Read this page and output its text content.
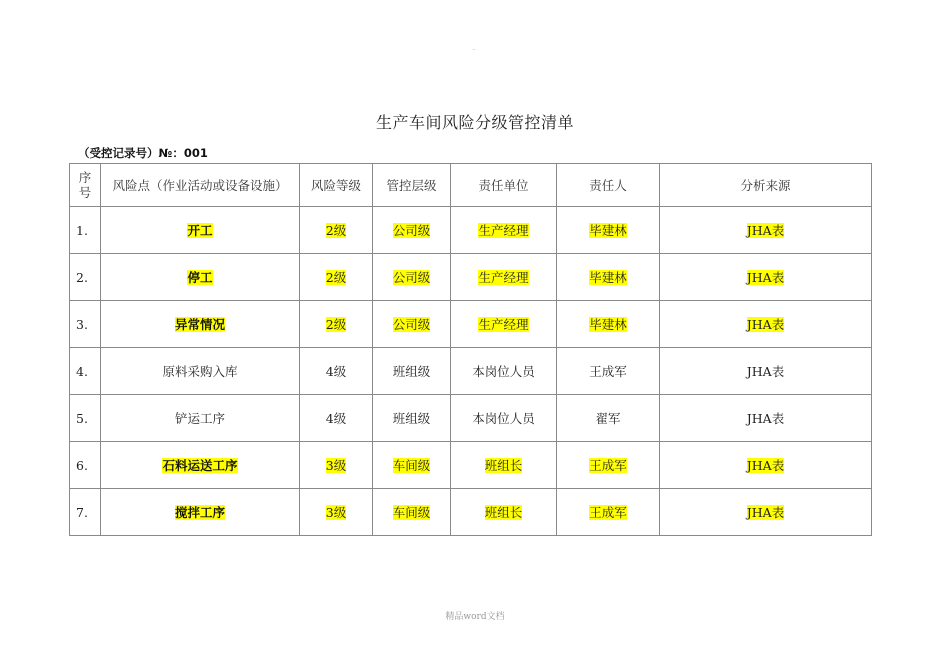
.
生产车间风险分级管控清单
（受控记录号）№：001
序号	风险点（作业活动或设备设施）	风险等级	管控层级	责任单位	责任人	分析来源
1.	开工	2级	公司级	生产经理	毕建林	JHA表
2.	停工	2级	公司级	生产经理	毕建林	JHA表
3.	异常情况	2级	公司级	生产经理	毕建林	JHA表
4.	原料采购入库	4级	班组级	本岗位人员	王成军	JHA表
5.	铲运工序	4级	班组级	本岗位人员	翟军	JHA表
6.	石料运送工序	3级	车间级	班组长	王成军	JHA表
7.	搅拌工序	3级	车间级	班组长	王成军	JHA表
精品word文档
